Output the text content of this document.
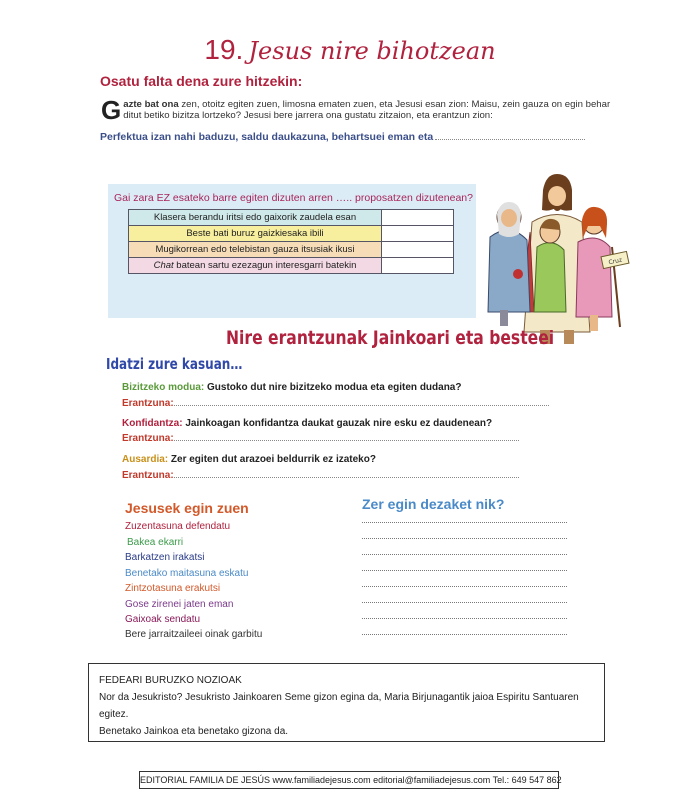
19. Jesus nire bihotzean
Osatu falta dena zure hitzekin:
Gazte bat ona zen, otoitz egiten zuen, limosna ematen zuen, eta Jesusi esan zion: Maisu, zein gauza on egin behar ditut betiko bizitza lortzeko? Jesusi bere jarrera ona gustatu zitzaion, eta erantzun zion:
Perfektua izan nahi baduzu, saldu daukazuna, behartsuei eman eta
Gai zara EZ esateko barre egiten dizuten arren ….. proposatzen dizutenean?
Klasera berandu iritsi edo gaixorik zaudela esan	
Beste bati buruz gaizkiesaka ibili	
Mugikorrean edo telebistan gauza itsusiak ikusi	
Chat batean sartu ezezagun interesgarri batekin		Cruz
Nire erantzunak Jainkoari eta besteei
Idatzi zure kasuan…
Bizitzeko modua: Gustoko dut nire bizitzeko modua eta egiten dudana?
Erantzuna:
Konfidantza: Jainkoagan konfidantza daukat gauzak nire esku ez daudenean?
Erantzuna:
Ausardia: Zer egiten dut arazoei beldurrik ez izateko?
Erantzuna:
Jesusek egin zuen
Zuzentasuna defendatu
Bakea ekarri
Barkatzen irakatsi
Benetako maitasuna eskatu
Zintzotasuna erakutsi
Gose zirenei jaten eman
Gaixoak sendatu
Bere jarraitzaileei oinak garbitu
Zer egin dezaket nik?
FEDEARI BURUZKO NOZIOAK
Nor da Jesukristo? Jesukristo Jainkoaren Seme gizon egina da, Maria Birjunagantik jaioa Espiritu Santuaren egitez.
Benetako Jainkoa eta benetako gizona da.
EDITORIAL FAMILIA DE JESÚS www.familiadejesus.com editorial@familiadejesus.com Tel.: 649 547 862
